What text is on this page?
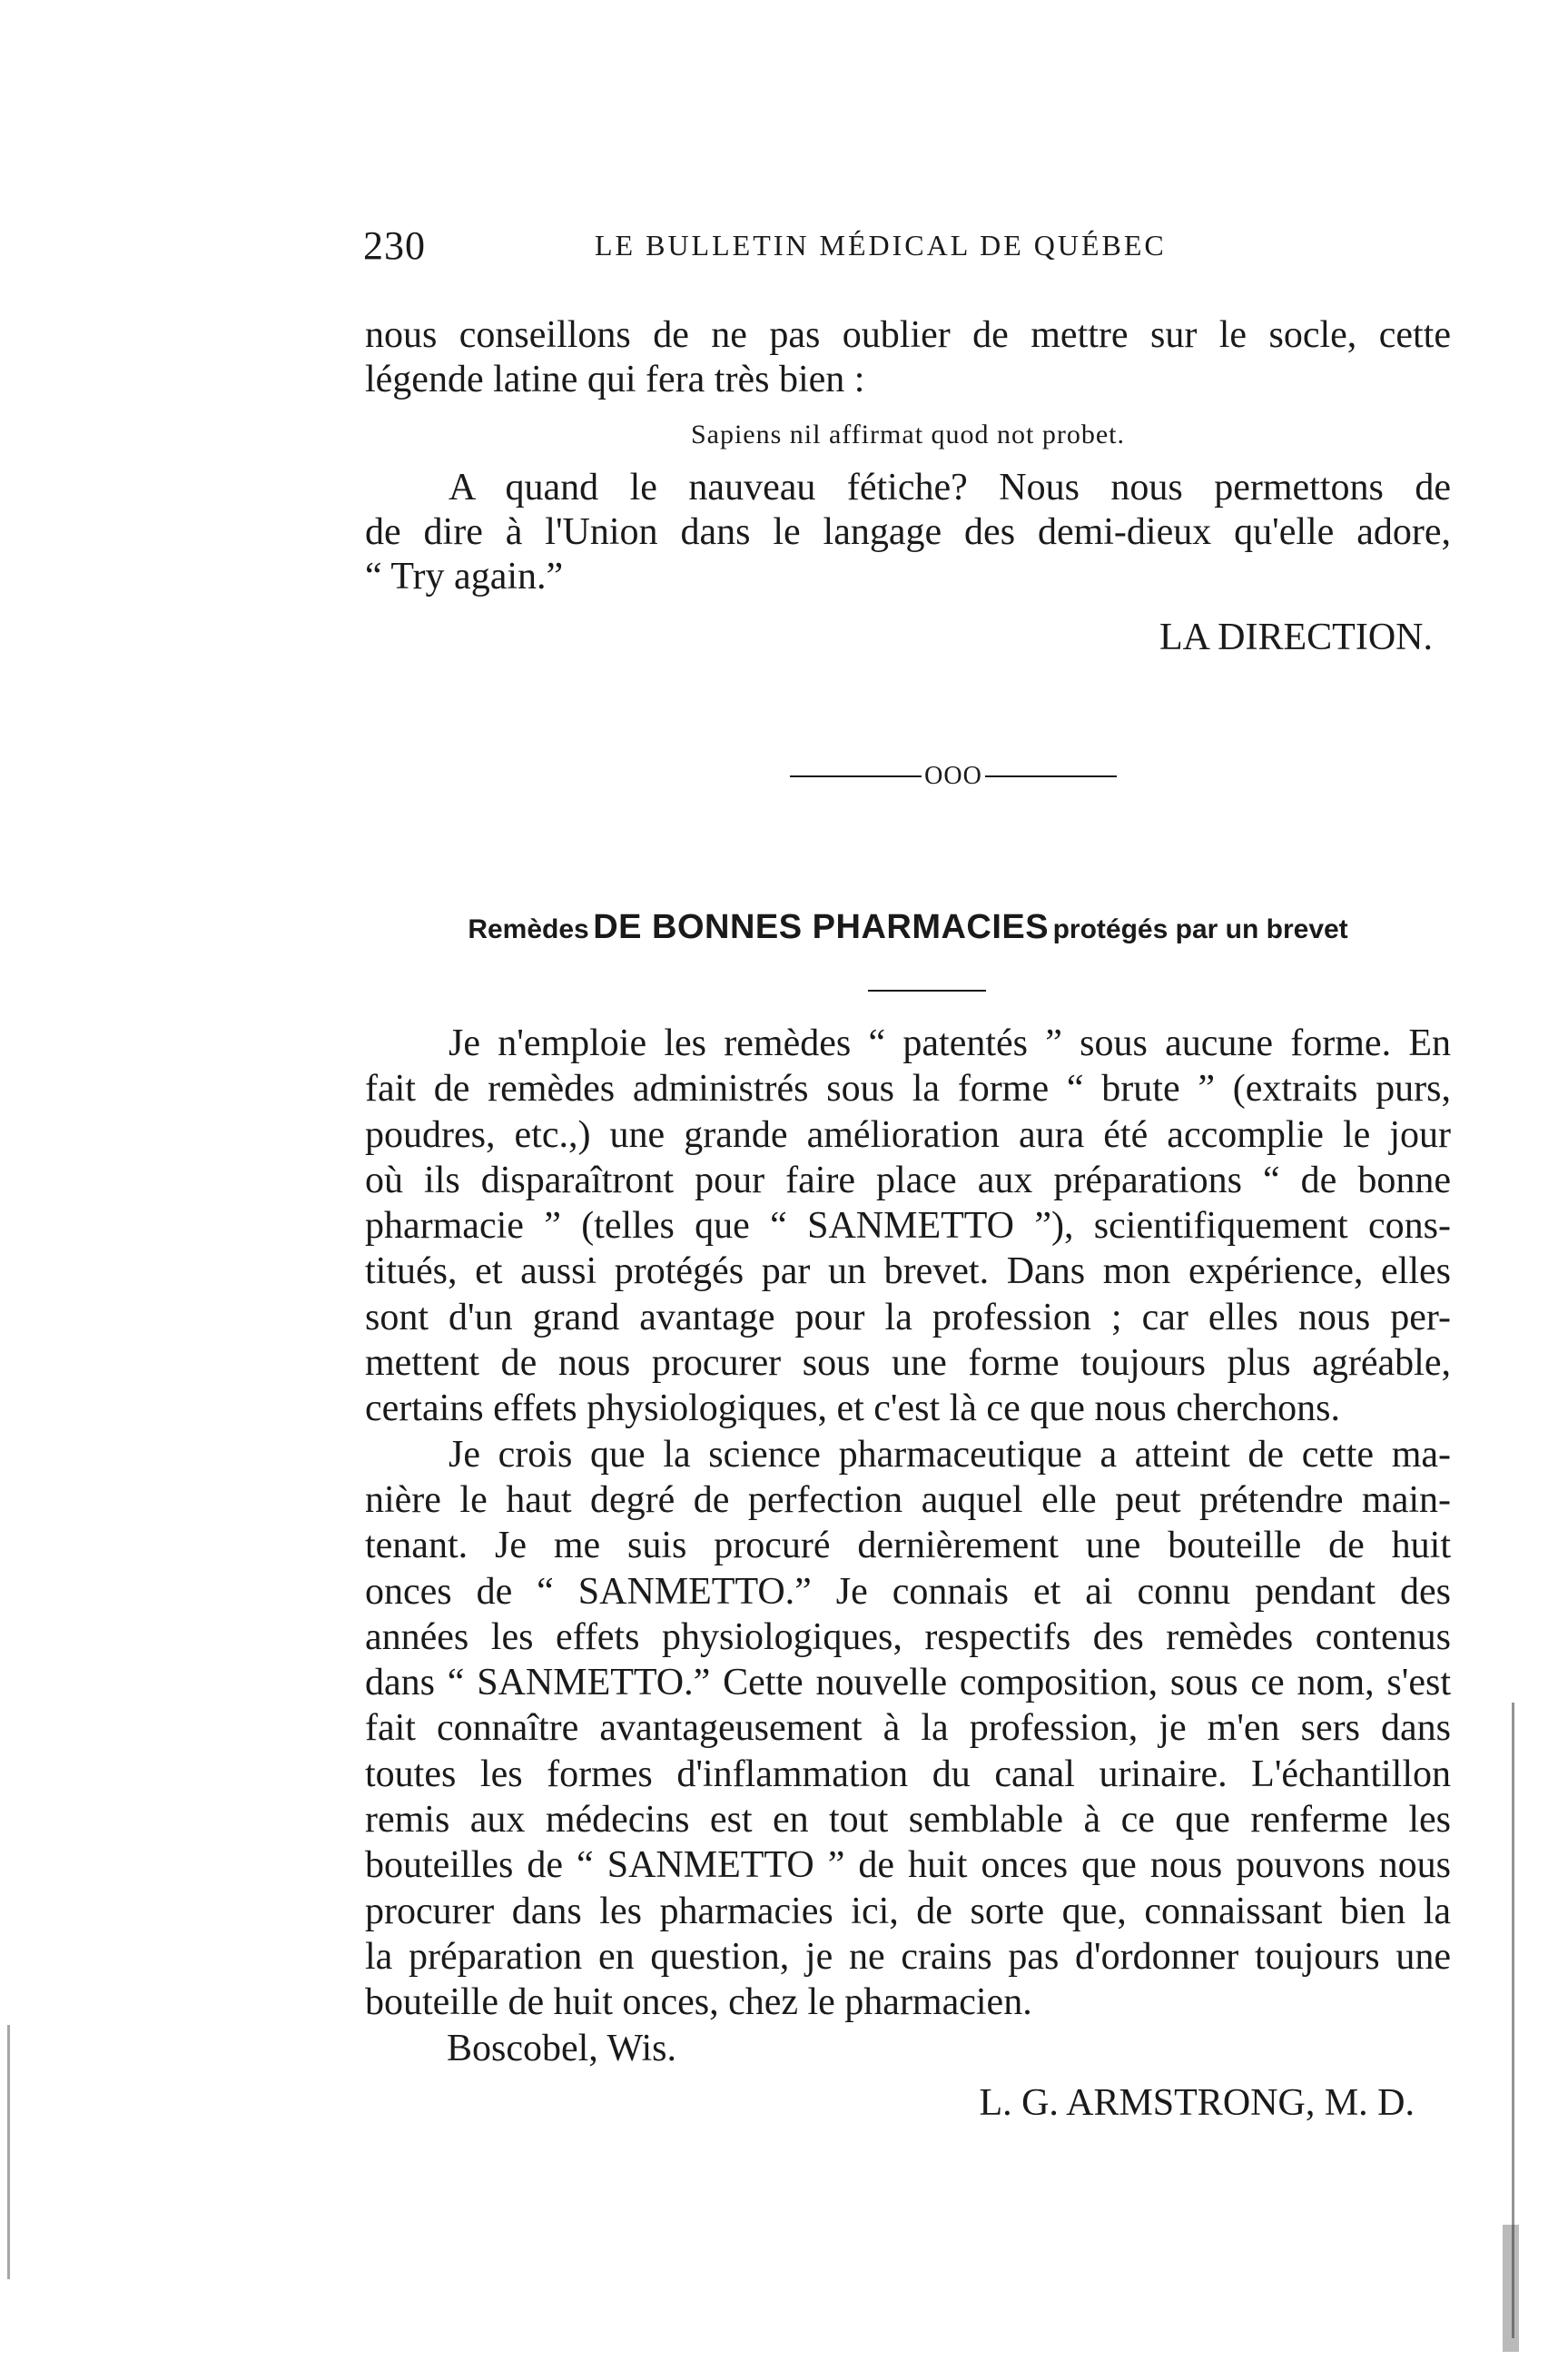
230	LE BULLETIN MÉDICAL DE QUÉBEC

nous conseillons de ne pas oublier de mettre sur le socle, cette
légende latine qui fera très bien :

Sapiens nil affirmat quod not probet.

A quand le nauveau fétiche? Nous nous permettons de
de dire à l'Union dans le langage des demi-dieux qu'elle adore,
“ Try again.”

LA DIRECTION.
OOO
Remèdes DE BONNES PHARMACIES protégés par un brevet

Je n'emploie les remèdes “ patentés ” sous aucune forme. En
fait de remèdes administrés sous la forme “ brute ” (extraits purs,
poudres, etc.,) une grande amélioration aura été accomplie le jour
où ils disparaîtront pour faire place aux préparations “ de bonne
pharmacie ” (telles que “ SANMETTO ”), scientifiquement cons-
titués, et aussi protégés par un brevet. Dans mon expérience, elles
sont d'un grand avantage pour la profession ; car elles nous per-
mettent de nous procurer sous une forme toujours plus agréable,
certains effets physiologiques, et c'est là ce que nous cherchons.

Je crois que la science pharmaceutique a atteint de cette ma-
nière le haut degré de perfection auquel elle peut prétendre main-
tenant. Je me suis procuré dernièrement une bouteille de huit
onces de “ SANMETTO.” Je connais et ai connu pendant des
années les effets physiologiques, respectifs des remèdes contenus
dans “ SANMETTO.” Cette nouvelle composition, sous ce nom, s'est
fait connaître avantageusement à la profession, je m'en sers dans
toutes les formes d'inflammation du canal urinaire. L'échantillon
remis aux médecins est en tout semblable à ce que renferme les
bouteilles de “ SANMETTO ” de huit onces que nous pouvons nous
procurer dans les pharmacies ici, de sorte que, connaissant bien la
la préparation en question, je ne crains pas d'ordonner toujours une
bouteille de huit onces, chez le pharmacien.

Boscobel, Wis.
L. G. ARMSTRONG, M. D.
